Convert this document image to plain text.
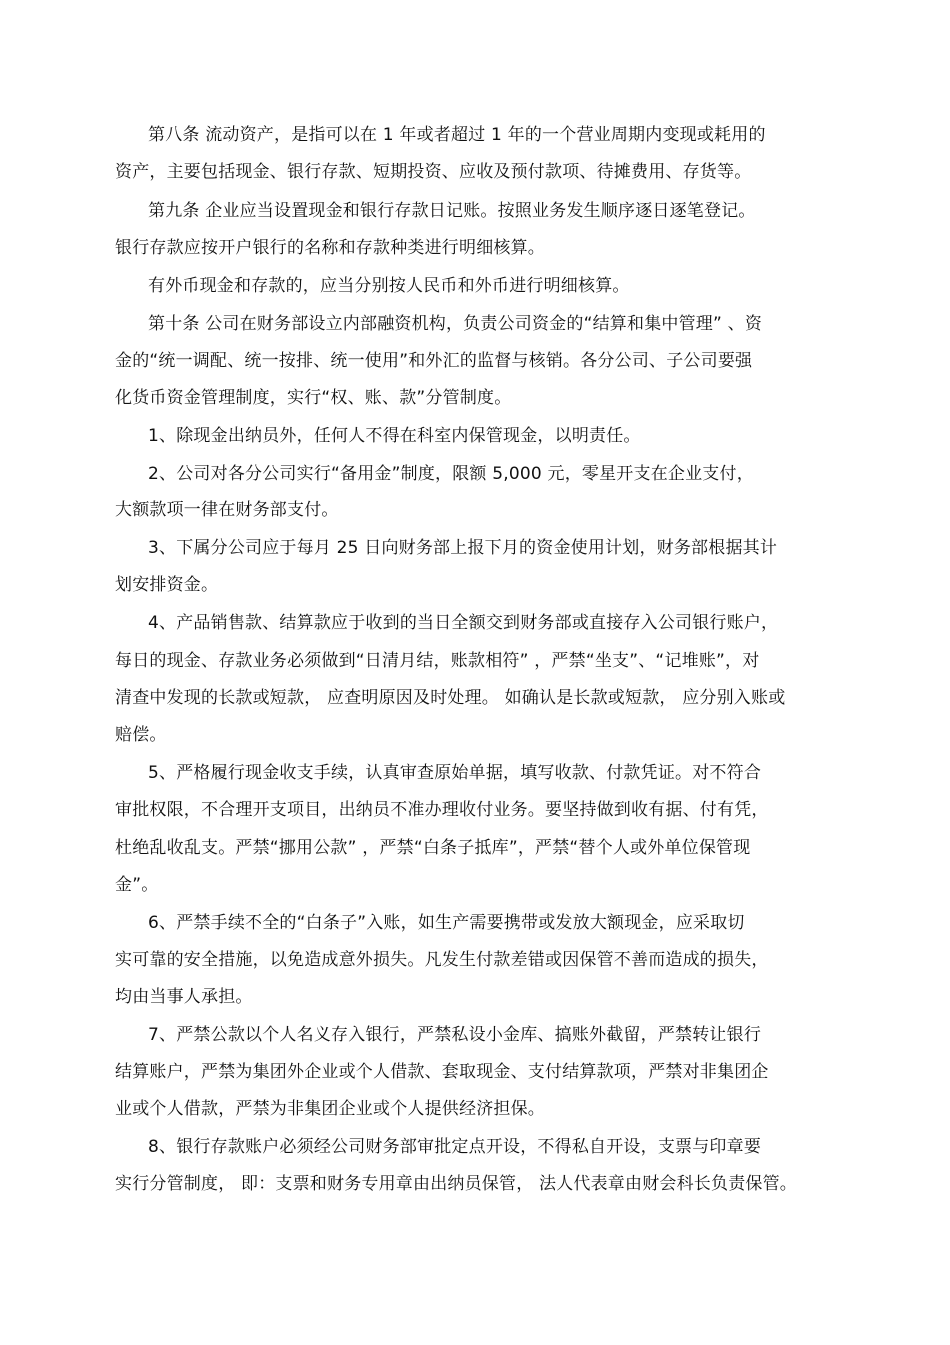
第八条 流动资产，是指可以在 1 年或者超过 1 年的一个营业周期内变现或耗用的
资产，主要包括现金、银行存款、短期投资、应收及预付款项、待摊费用、存货等。
第九条 企业应当设置现金和银行存款日记账。按照业务发生顺序逐日逐笔登记。
银行存款应按开户银行的名称和存款种类进行明细核算。
有外币现金和存款的，应当分别按人民币和外币进行明细核算。
第十条 公司在财务部设立内部融资机构，负责公司资金的“结算和集中管理” 、资
金的“统一调配、统一按排、统一使用”和外汇的监督与核销。各分公司、子公司要强
化货币资金管理制度，实行“权、账、款”分管制度。
1、除现金出纳员外，任何人不得在科室内保管现金，以明责任。
2、公司对各分公司实行“备用金”制度，限额 5,000 元，零星开支在企业支付，
大额款项一律在财务部支付。
3、下属分公司应于每月 25 日向财务部上报下月的资金使用计划，财务部根据其计
划安排资金。
4、产品销售款、结算款应于收到的当日全额交到财务部或直接存入公司银行账户，
每日的现金、存款业务必须做到“日清月结，账款相符” ，严禁“坐支”、“记堆账”，对
清查中发现的长款或短款， 应查明原因及时处理。 如确认是长款或短款， 应分别入账或
赔偿。
5、严格履行现金收支手续，认真审查原始单据，填写收款、付款凭证。对不符合
审批权限，不合理开支项目，出纳员不准办理收付业务。要坚持做到收有据、付有凭，
杜绝乱收乱支。严禁“挪用公款” ，严禁“白条子抵库”，严禁“替个人或外单位保管现
金”。
6、严禁手续不全的“白条子”入账，如生产需要携带或发放大额现金，应采取切
实可靠的安全措施，以免造成意外损失。凡发生付款差错或因保管不善而造成的损失，
均由当事人承担。
7、严禁公款以个人名义存入银行，严禁私设小金库、搞账外截留，严禁转让银行
结算账户，严禁为集团外企业或个人借款、套取现金、支付结算款项，严禁对非集团企
业或个人借款，严禁为非集团企业或个人提供经济担保。
8、银行存款账户必须经公司财务部审批定点开设，不得私自开设，支票与印章要
实行分管制度， 即：支票和财务专用章由出纳员保管， 法人代表章由财会科长负责保管。
